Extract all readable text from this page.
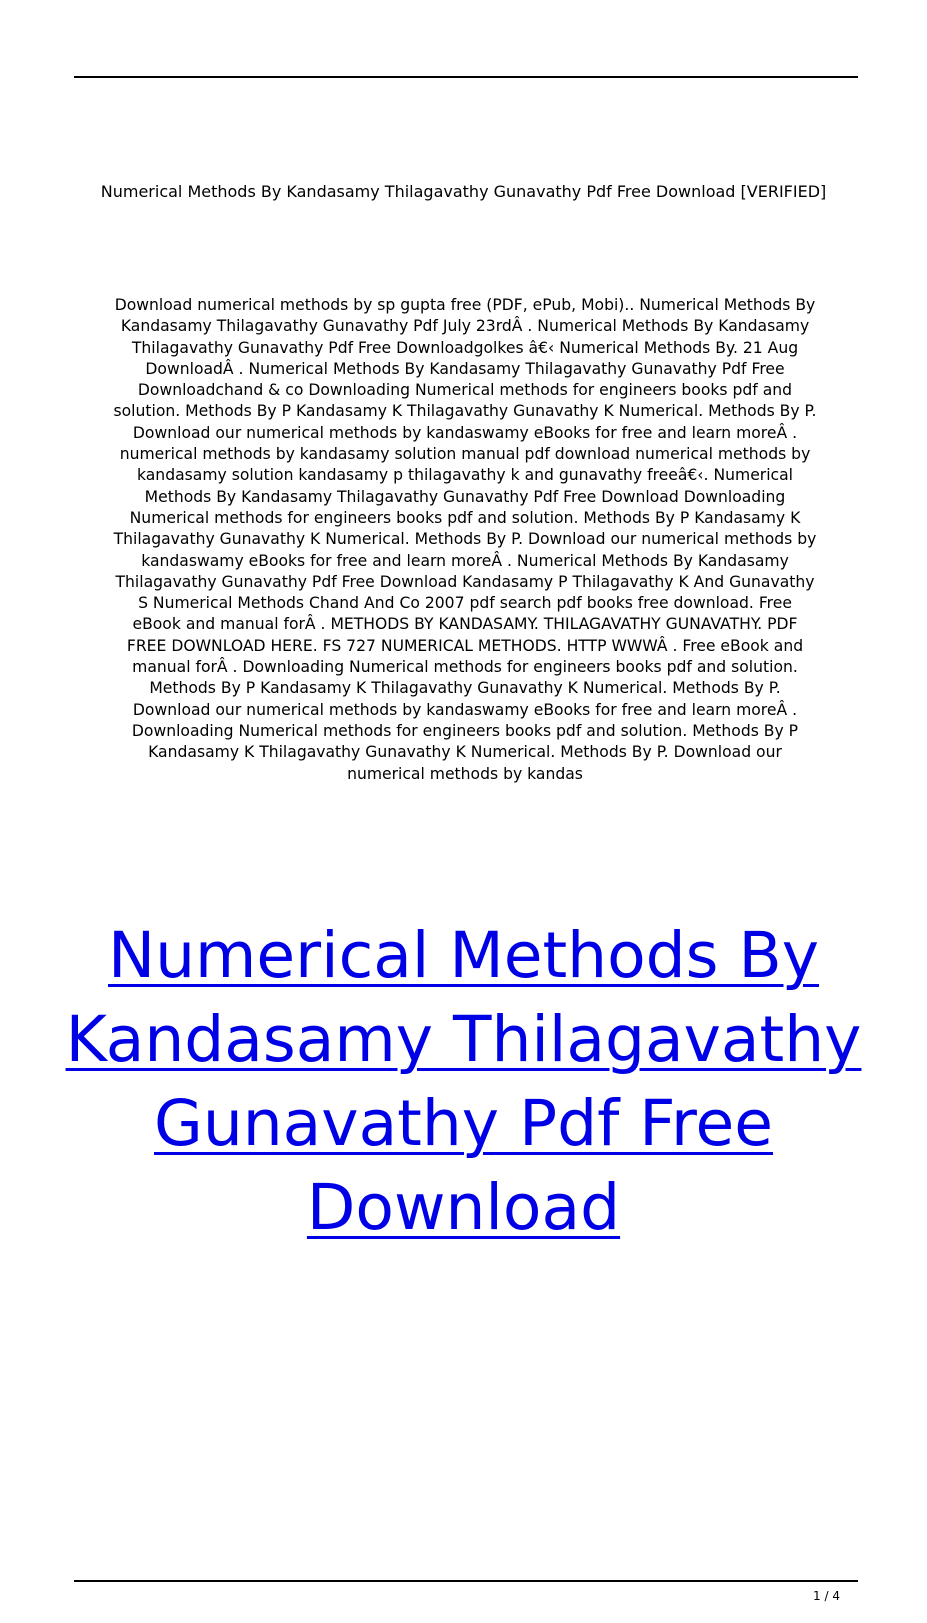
Numerical Methods By Kandasamy Thilagavathy Gunavathy Pdf Free Download [VERIFIED]
Download numerical methods by sp gupta free (PDF, ePub, Mobi).. Numerical Methods By
Kandasamy Thilagavathy Gunavathy Pdf July 23rdÂ . Numerical Methods By Kandasamy
Thilagavathy Gunavathy Pdf Free Downloadgolkes â€‹ Numerical Methods By. 21 Aug
DownloadÂ . Numerical Methods By Kandasamy Thilagavathy Gunavathy Pdf Free
Downloadchand & co Downloading Numerical methods for engineers books pdf and
solution. Methods By P Kandasamy K Thilagavathy Gunavathy K Numerical. Methods By P.
Download our numerical methods by kandaswamy eBooks for free and learn moreÂ .
numerical methods by kandasamy solution manual pdf download numerical methods by
kandasamy solution kandasamy p thilagavathy k and gunavathy freeâ€‹. Numerical
Methods By Kandasamy Thilagavathy Gunavathy Pdf Free Download Downloading
Numerical methods for engineers books pdf and solution. Methods By P Kandasamy K
Thilagavathy Gunavathy K Numerical. Methods By P. Download our numerical methods by
kandaswamy eBooks for free and learn moreÂ . Numerical Methods By Kandasamy
Thilagavathy Gunavathy Pdf Free Download Kandasamy P Thilagavathy K And Gunavathy
S Numerical Methods Chand And Co 2007 pdf search pdf books free download. Free
eBook and manual forÂ . METHODS BY KANDASAMY. THILAGAVATHY GUNAVATHY. PDF
FREE DOWNLOAD HERE. FS 727 NUMERICAL METHODS. HTTP WWWÂ . Free eBook and
manual forÂ . Downloading Numerical methods for engineers books pdf and solution.
Methods By P Kandasamy K Thilagavathy Gunavathy K Numerical. Methods By P.
Download our numerical methods by kandaswamy eBooks for free and learn moreÂ .
Downloading Numerical methods for engineers books pdf and solution. Methods By P
Kandasamy K Thilagavathy Gunavathy K Numerical. Methods By P. Download our
numerical methods by kandas
Numerical Methods By Kandasamy Thilagavathy Gunavathy Pdf Free Download
1 / 4
